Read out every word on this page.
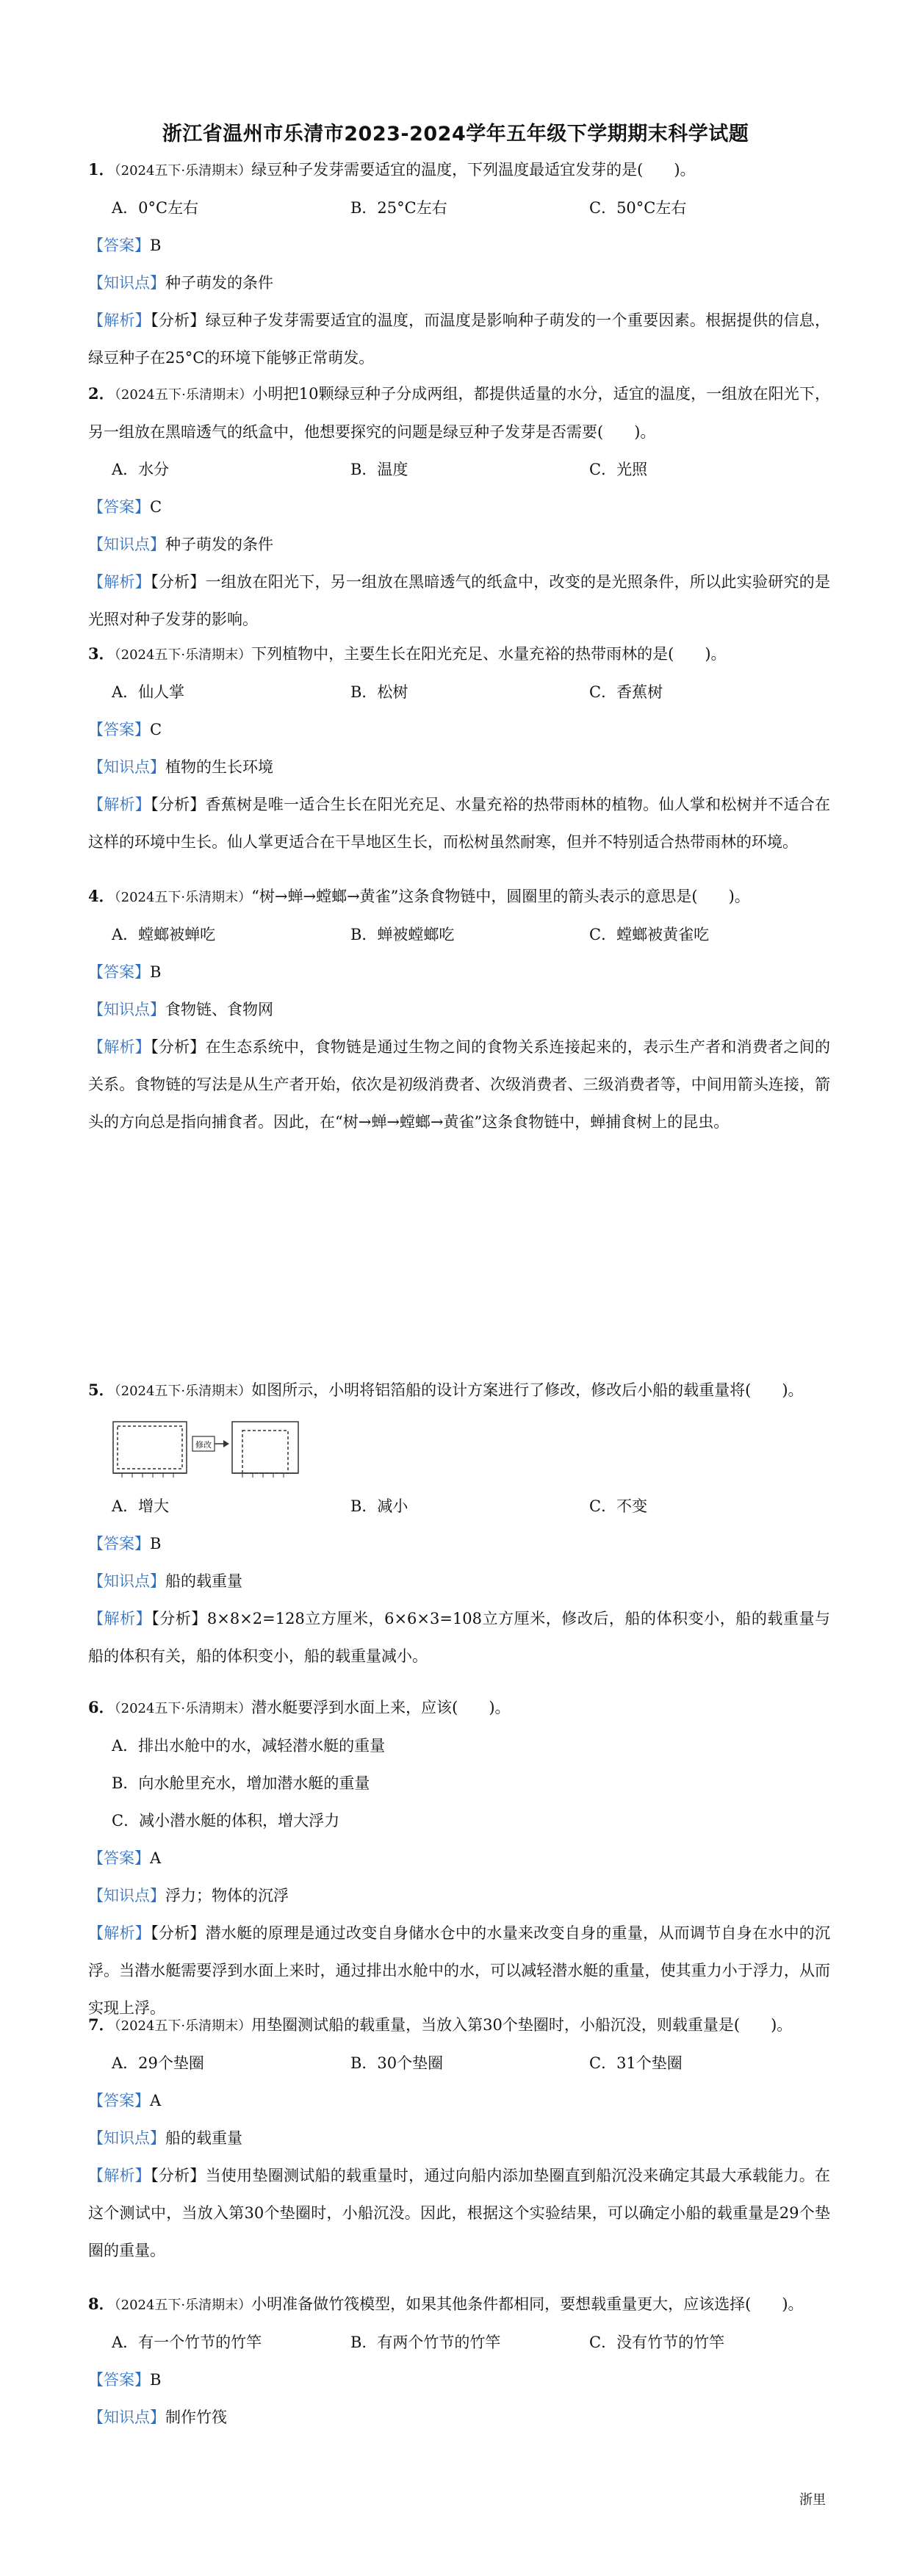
浙江省温州市乐清市2023-2024学年五年级下学期期末科学试题
1．（2024五下·乐清期末）绿豆种子发芽需要适宜的温度，下列温度最适宜发芽的是(　　)。
A．0°C左右	B．25°C左右	C．50°C左右
【答案】B
【知识点】种子萌发的条件
【解析】【分析】绿豆种子发芽需要适宜的温度，而温度是影响种子萌发的一个重要因素。根据提供的信息，绿豆种子在25°C的环境下能够正常萌发。
2．（2024五下·乐清期末）小明把10颗绿豆种子分成两组，都提供适量的水分，适宜的温度，一组放在阳光下，另一组放在黑暗透气的纸盒中，他想要探究的问题是绿豆种子发芽是否需要(　　)。
A．水分	B．温度	C．光照
【答案】C
【知识点】种子萌发的条件
【解析】【分析】一组放在阳光下，另一组放在黑暗透气的纸盒中，改变的是光照条件，所以此实验研究的是光照对种子发芽的影响。
3．（2024五下·乐清期末）下列植物中，主要生长在阳光充足、水量充裕的热带雨林的是(　　)。
A．仙人掌	B．松树	C．香蕉树
【答案】C
【知识点】植物的生长环境
【解析】【分析】香蕉树是唯一适合生长在阳光充足、水量充裕的热带雨林的植物。仙人掌和松树并不适合在这样的环境中生长。仙人掌更适合在干旱地区生长，而松树虽然耐寒，但并不特别适合热带雨林的环境。
4．（2024五下·乐清期末）“树→蝉→螳螂→黄雀”这条食物链中，圆圈里的箭头表示的意思是(　　)。
A．螳螂被蝉吃	B．蝉被螳螂吃	C．螳螂被黄雀吃
【答案】B
【知识点】食物链、食物网
【解析】【分析】在生态系统中，食物链是通过生物之间的食物关系连接起来的，表示生产者和消费者之间的关系。食物链的写法是从生产者开始，依次是初级消费者、次级消费者、三级消费者等，中间用箭头连接，箭头的方向总是指向捕食者。因此，在“树→蝉→螳螂→黄雀”这条食物链中，蝉捕食树上的昆虫。
5．（2024五下·乐清期末）如图所示，小明将铝箔船的设计方案进行了修改，修改后小船的载重量将(　　)。
修改
A．增大	B．减小	C．不变
【答案】B
【知识点】船的载重量
【解析】【分析】8×8×2=128立方厘米，6×6×3=108立方厘米，修改后，船的体积变小，船的载重量与船的体积有关，船的体积变小，船的载重量减小。
6．（2024五下·乐清期末）潜水艇要浮到水面上来，应该(　　)。
A．排出水舱中的水，减轻潜水艇的重量
B．向水舱里充水，增加潜水艇的重量
C．减小潜水艇的体积，增大浮力
【答案】A
【知识点】浮力；物体的沉浮
【解析】【分析】潜水艇的原理是通过改变自身储水仓中的水量来改变自身的重量，从而调节自身在水中的沉浮。当潜水艇需要浮到水面上来时，通过排出水舱中的水，可以减轻潜水艇的重量，使其重力小于浮力，从而实现上浮。
7．（2024五下·乐清期末）用垫圈测试船的载重量，当放入第30个垫圈时，小船沉没，则载重量是(　　)。
A．29个垫圈	B．30个垫圈	C．31个垫圈
【答案】A
【知识点】船的载重量
【解析】【分析】当使用垫圈测试船的载重量时，通过向船内添加垫圈直到船沉没来确定其最大承载能力。在这个测试中，当放入第30个垫圈时，小船沉没。因此，根据这个实验结果，可以确定小船的载重量是29个垫圈的重量。
8．（2024五下·乐清期末）小明准备做竹筏模型，如果其他条件都相同，要想载重量更大，应该选择(　　)。
A．有一个竹节的竹竿	B．有两个竹节的竹竿	C．没有竹节的竹竿
【答案】B
【知识点】制作竹筏
浙里
